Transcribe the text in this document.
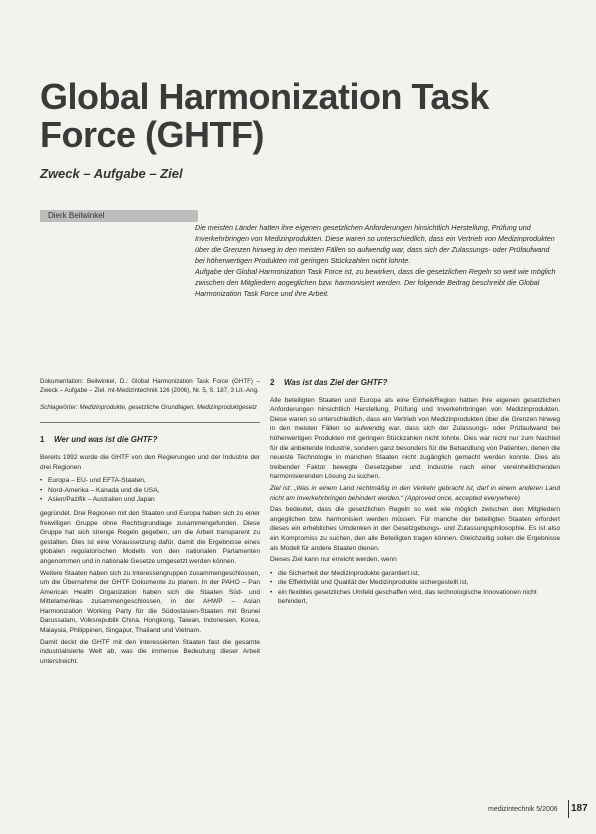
Global Harmonization Task Force (GHTF)
Zweck – Aufgabe – Ziel
Dierk Beilwinkel

Die meisten Länder hatten ihre eigenen gesetzlichen Anforderungen hinsichtlich Herstellung, Prüfung und Inverkehrbringen von Medizinprodukten. Diese waren so unterschiedlich, dass ein Vertrieb von Medizinprodukten über die Grenzen hinweg in den meisten Fällen so aufwendig war, dass sich der Zulassungs- oder Prüfaufwand bei höherwertigen Produkten mit geringen Stückzahlen nicht lohnte.

Aufgabe der Global Harmonization Task Force ist, zu bewirken, dass die gesetzlichen Regeln so weit wie möglich zwischen den Mitgliedern angeglichen bzw. harmonisiert werden. Der folgende Beitrag beschreibt die Global Harmonization Task Force und ihre Arbeit.

Dokumentation: Beilwinkel, D.: Global Harmonization Task Force (GHTF) – Zweck – Aufgabe – Ziel. mt-Medizintechnik 126 (2006), Nr. 5, S. 187, 3 Lit.-Ang.

Schlagwörter: Medizinprodukte, gesetzliche Grundlagen, Medizinproduktgesetz

1 Wer und was ist die GHTF?

Bereits 1992 wurde die GHTF von den Regierungen und der Industrie der drei Regionen

• Europa – EU- und EFTA-Staaten,
• Nord-Amerika – Kanada und die USA,
• Asien/Pazifik – Australien und Japan

gegründet. Drei Regionen mit den Staaten und Europa haben sich zu einer freiwilligen Gruppe ohne Rechtsgrundlage zusammengefunden. Diese Gruppe hat sich strenge Regeln gegeben, um die Arbeit transparent zu gestalten. Dies ist eine Voraussetzung dafür, damit die Ergebnisse eines globalen regulatorischen Modells von den nationalen Parlamenten angenommen und in nationale Gesetze umgesetzt werden können.

Weitere Staaten haben sich zu Interessengruppen zusammengeschlossen, um die Übernahme der GHTF Dokumente zu planen. In der PAHO – Pan American Health Organization haben sich die Staaten Süd- und Mittelamerikas zusammengeschlossen, in der AHWP – Asian Harmonization Working Party für die Südostasien-Staaten mit Brunei Darussalam, Volksrepublik China, Hongkong, Taiwan, Indonesien, Korea, Malaysia, Philippinen, Singapur, Thailand und Vietnam.

Damit deckt die GHTF mit den interessierten Staaten fast die gesamte industrialisierte Welt ab, was die immense Bedeutung dieser Arbeit unterstreicht.

2 Was ist das Ziel der GHTF?

Alle beteiligten Staaten und Europa als eine Einheit/Region hatten ihre eigenen gesetzlichen Anforderungen hinsichtlich Herstellung, Prüfung und Inverkehrbringen von Medizinprodukten. Diese waren so unterschiedlich, dass ein Vertrieb von Medizinprodukten über die Grenzen hinweg in den meisten Fällen so aufwendig war, dass sich der Zulassungs- oder Prüfaufwand bei höherwertigen Produkten mit geringen Stückzahlen nicht lohnte. Dies war nicht nur zum Nachteil für die anbietende Industrie, sondern ganz besonders für die Behandlung von Patienten, denen die neueste Technologie in manchen Staaten nicht zugänglich gemacht werden konnte. Dies als treibender Faktor bewegte Gesetzgeber und Industrie nach einer vereinheitlichenden harmonisierenden Lösung zu suchen.

Ziel ist: „Was in einem Land rechtmäßig in den Verkehr gebracht ist, darf in einem anderen Land nicht am Inverkehrbringen behindert werden.“ (Approved once, accepted everywhere)

Das bedeutet, dass die gesetzlichen Regeln so weit wie möglich zwischen den Mitgliedern angeglichen bzw. harmonisiert werden müssen. Für manche der beteiligten Staaten erfordert dieses ein erhebliches Umdenken in der Gesetzgebungs- und Zulassungsphilosophie. Es ist also ein Kompromiss zu suchen, den alle Beteiligten tragen können. Gleichzeitig sollen die Ergebnisse als Modell für andere Staaten dienen.

Dieses Ziel kann nur erreicht werden, wenn

• die Sicherheit der Medizinprodukte garantiert ist,
• die Effektivität und Qualität der Medizinprodukte sichergestellt ist,
• ein flexibles gesetzliches Umfeld geschaffen wird, das technologische Innovationen nicht behindert,
medizintechnik 5/2006 187
